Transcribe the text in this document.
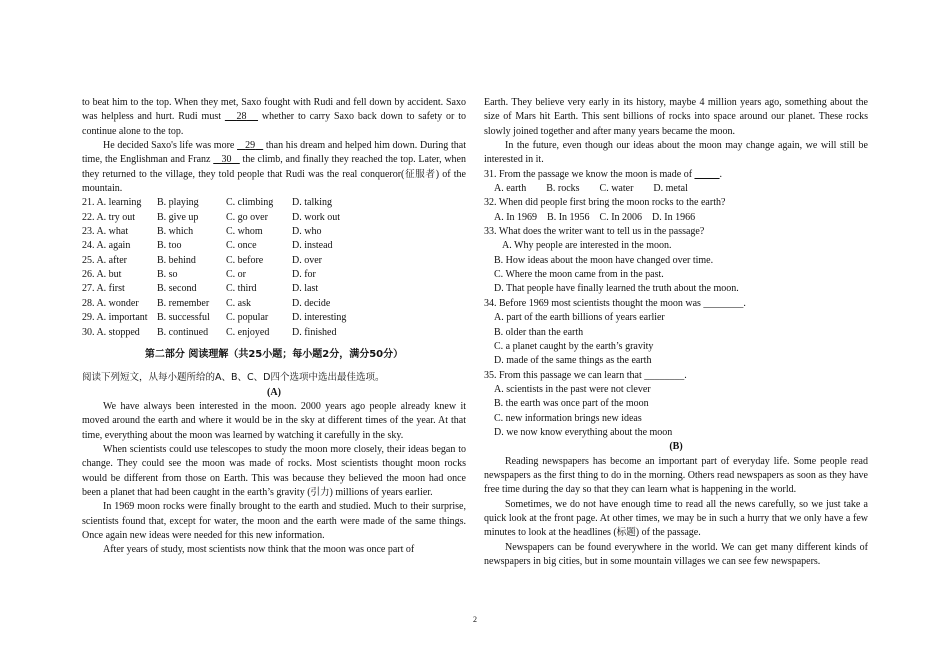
to beat him to the top. When they met, Saxo fought with Rudi and fell down by accident. Saxo was helpless and hurt. Rudi must    28    whether to carry Saxo back down to safety or to continue alone to the top.

He decided Saxo's life was more    29    than his dream and helped him down. During that time, the Englishman and Franz    30    the climb, and finally they reached the top. Later, when they returned to the village, they told people that Rudi was the real conqueror(征服者) of the mountain.

21. A. learning	B. playing	C. climbing	D. talking
22. A. try out	B. give up	C. go over	D. work out
23. A. what	B. which	C. whom	D. who
24. A. again	B. too	C. once	D. instead
25. A. after	B. behind	C. before	D. over
26. A. but	B. so	C. or	D. for
27. A. first	B. second	C. third	D. last
28. A. wonder	B. remember	C. ask	D. decide
29. A. important B. successful	C. popular	D. interesting
30. A. stopped	B. continued	C. enjoyed	D. finished
第二部分 阅读理解（共25小题；每小题2分，满分50分）

阅读下列短文，从每小题所给的A、B、C、D四个选项中选出最佳选项。

(A)

We have always been interested in the moon. 2000 years ago people already knew it moved around the earth and where it would be in the sky at different times of the year. At that time, everything about the moon was learned by watching it carefully in the sky.

When scientists could use telescopes to study the moon more closely, their ideas began to change. They could see the moon was made of rocks. Most scientists thought moon rocks would be different from those on Earth. This was because they believed the moon had once been a planet that had been caught in the earth’s gravity (引力) millions of years earlier.

In 1969 moon rocks were finally brought to the earth and studied. Much to their surprise, scientists found that, except for water, the moon and the earth were made of the same things. Once again new ideas were needed for this new information.

After years of study, most scientists now think that the moon was once part of

Earth. They believe very early in its history, maybe 4 million years ago, something about the size of Mars hit Earth. This sent billions of rocks into space around our planet. These rocks slowly joined together and after many years became the moon.

In the future, even though our ideas about the moon may change again, we will still be interested in it.

31. From the passage we know the moon is made of _____.
A. earth        B. rocks        C. water        D. metal
32. When did people first bring the moon rocks to the earth?
A. In 1969    B. In 1956    C. In 2006    D. In 1966
33. What does the writer want to tell us in the passage?
A. Why people are interested in the moon.
B. How ideas about the moon have changed over time.
C. Where the moon came from in the past.
D. That people have finally learned the truth about the moon.
34. Before 1969 most scientists thought the moon was ________.
A. part of the earth billions of years earlier
B. older than the earth
C. a planet caught by the earth’s gravity
D. made of the same things as the earth
35. From this passage we can learn that ________.
A. scientists in the past were not clever
B. the earth was once part of the moon
C. new information brings new ideas
D. we now know everything about the moon
(B)

Reading newspapers has become an important part of everyday life. Some people read newspapers as the first thing to do in the morning. Others read newspapers as soon as they have free time during the day so that they can learn what is happening in the world.

Sometimes, we do not have enough time to read all the news carefully, so we just take a quick look at the front page. At other times, we may be in such a hurry that we only have a few minutes to look at the headlines (标题) of the passage.

Newspapers can be found everywhere in the world. We can get many different kinds of newspapers in big cities, but in some mountain villages we can see few newspapers.

2
